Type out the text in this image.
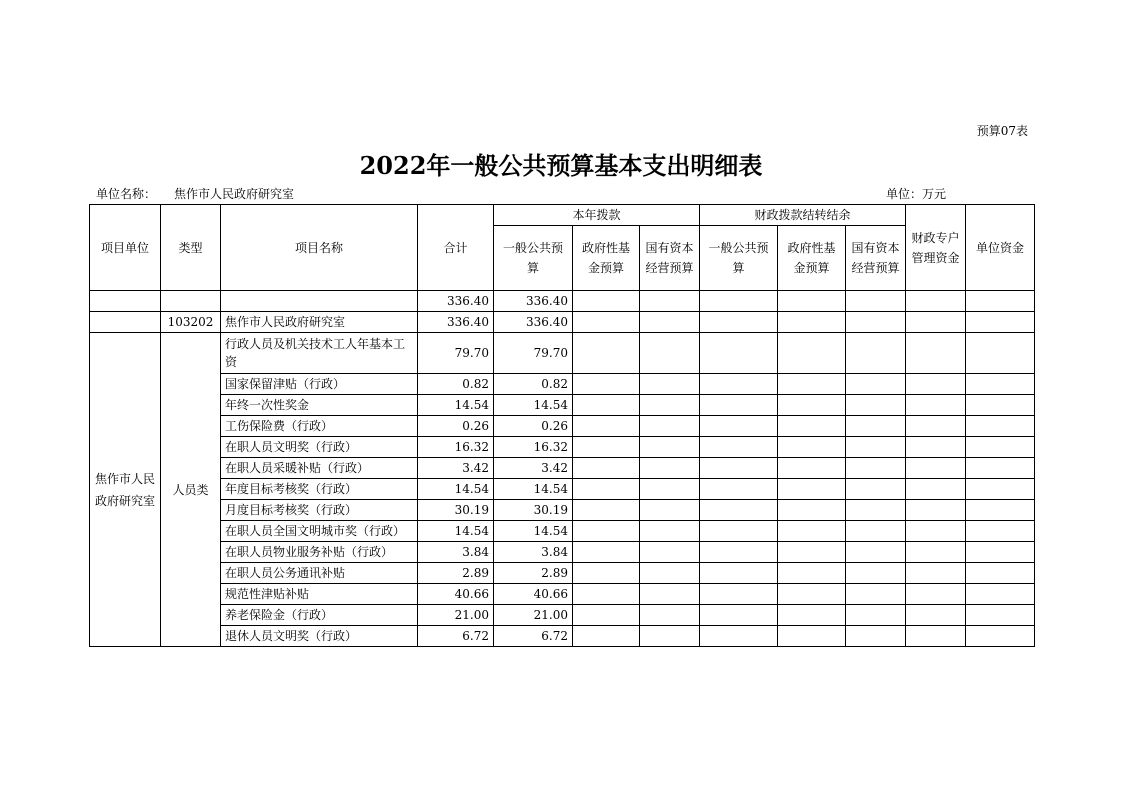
预算07表
2022年一般公共预算基本支出明细表
单位名称： 焦作市人民政府研究室	单位：万元
项目单位	类型	项目名称	合计	本年拨款			财政拨款结转结余			财政专户管理资金	单位资金
				一般公共预算	政府性基金预算	国有资本经营预算	一般公共预算	政府性基金预算	国有资本经营预算		
			336.40	336.40							
	103202	焦作市人民政府研究室	336.40	336.40							
焦作市人民政府研究室	人员类	行政人员及机关技术工人年基本工资	79.70	79.70							
		国家保留津贴（行政）	0.82	0.82							
		年终一次性奖金	14.54	14.54							
		工伤保险费（行政）	0.26	0.26							
		在职人员文明奖（行政）	16.32	16.32							
		在职人员采暖补贴（行政）	3.42	3.42							
		年度目标考核奖（行政）	14.54	14.54							
		月度目标考核奖（行政）	30.19	30.19							
		在职人员全国文明城市奖（行政）	14.54	14.54							
		在职人员物业服务补贴（行政）	3.84	3.84							
		在职人员公务通讯补贴	2.89	2.89							
		规范性津贴补贴	40.66	40.66							
		养老保险金（行政）	21.00	21.00							
		退休人员文明奖（行政）	6.72	6.72							
